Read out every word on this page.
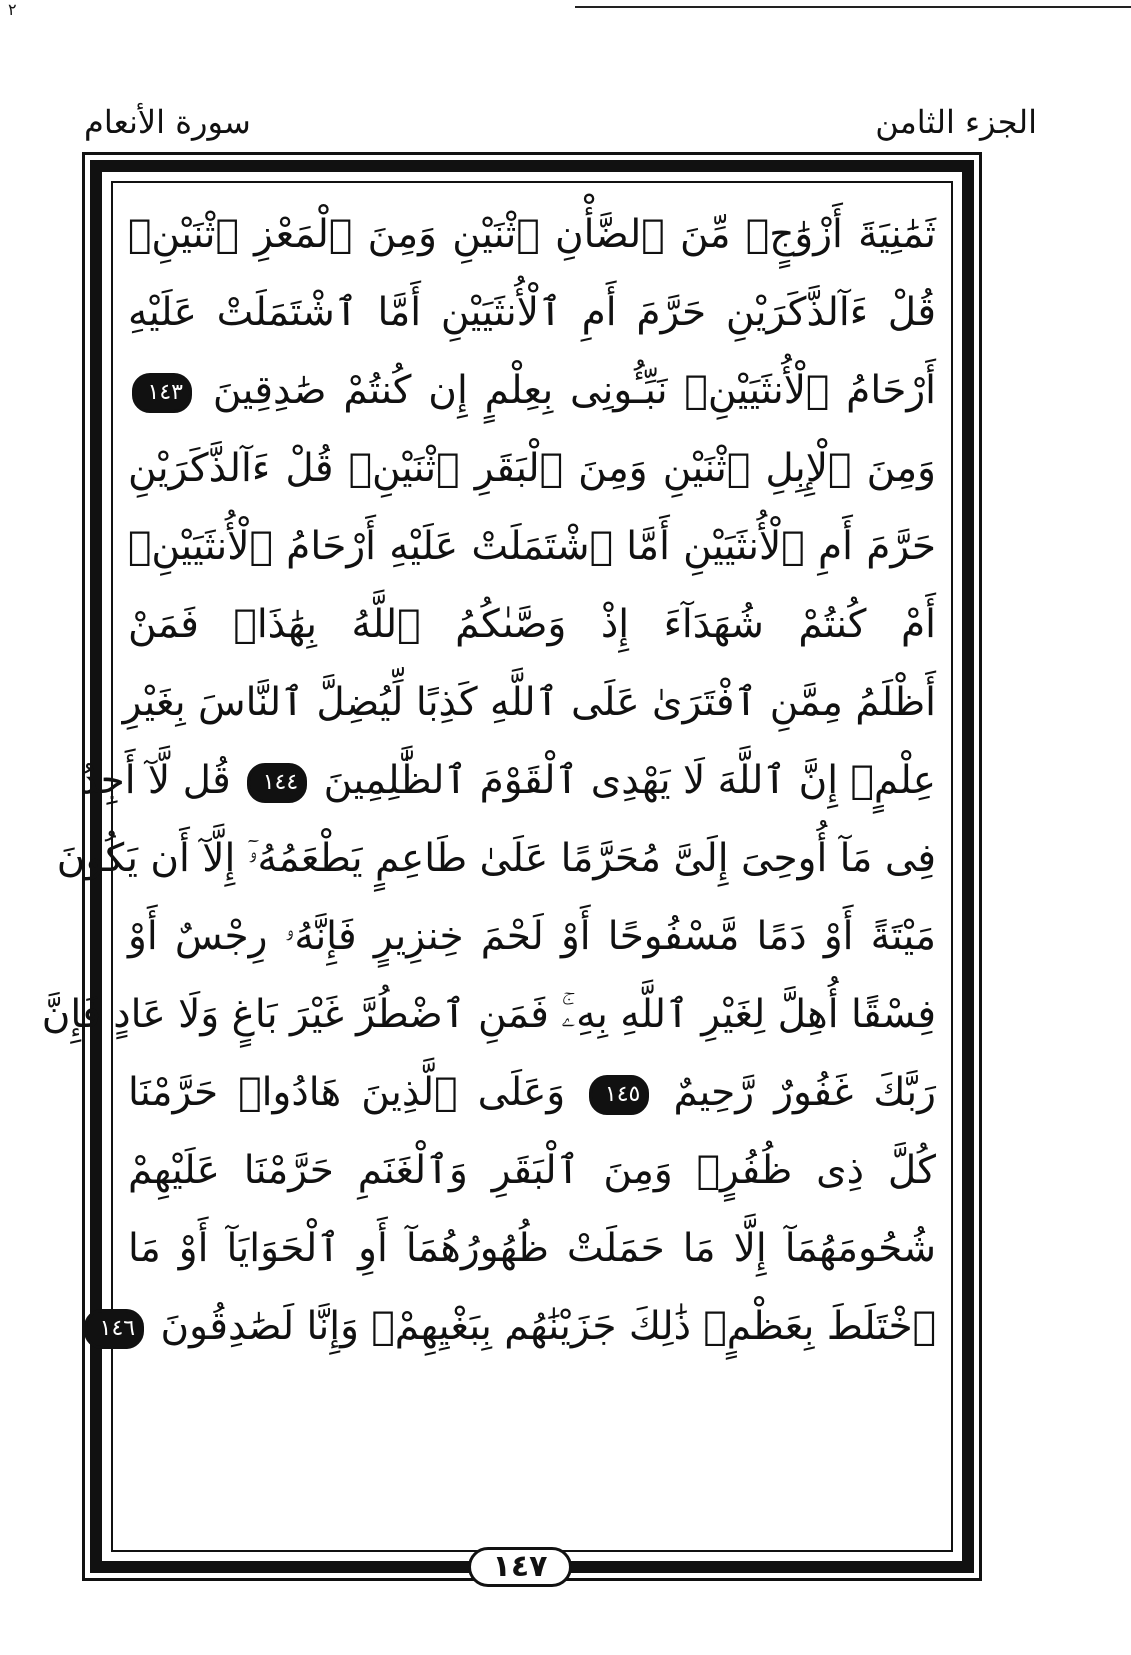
٢
الجزء الثامن
سورة الأنعام
ثَمَٰنِيَةَ أَزْوَٰجٍۖ مِّنَ ٱلضَّأْنِ ٱثْنَيْنِ وَمِنَ ٱلْمَعْزِ ٱثْنَيْنِۗ
قُلْ ءَآلذَّكَرَيْنِ حَرَّمَ أَمِ ٱلْأُنثَيَيْنِ أَمَّا ٱشْتَمَلَتْ عَلَيْهِ
أَرْحَامُ ٱلْأُنثَيَيْنِۖ نَبِّـُٔونِى بِعِلْمٍ إِن كُنتُمْ صَٰدِقِينَ ١٤٣
وَمِنَ ٱلْإِبِلِ ٱثْنَيْنِ وَمِنَ ٱلْبَقَرِ ٱثْنَيْنِۗ قُلْ ءَآلذَّكَرَيْنِ
حَرَّمَ أَمِ ٱلْأُنثَيَيْنِ أَمَّا ٱشْتَمَلَتْ عَلَيْهِ أَرْحَامُ ٱلْأُنثَيَيْنِۖ
أَمْ كُنتُمْ شُهَدَآءَ إِذْ وَصَّىٰكُمُ ٱللَّهُ بِهَٰذَاۚ فَمَنْ
أَظْلَمُ مِمَّنِ ٱفْتَرَىٰ عَلَى ٱللَّهِ كَذِبًا لِّيُضِلَّ ٱلنَّاسَ بِغَيْرِ
عِلْمٍۗ إِنَّ ٱللَّهَ لَا يَهْدِى ٱلْقَوْمَ ٱلظَّٰلِمِينَ ١٤٤ قُل لَّآ أَجِدُ
فِى مَآ أُوحِىَ إِلَىَّ مُحَرَّمًا عَلَىٰ طَاعِمٍ يَطْعَمُهُۥٓ إِلَّآ أَن يَكُونَ
مَيْتَةً أَوْ دَمًا مَّسْفُوحًا أَوْ لَحْمَ خِنزِيرٍ فَإِنَّهُۥ رِجْسٌ أَوْ
فِسْقًا أُهِلَّ لِغَيْرِ ٱللَّهِ بِهِۦۚ فَمَنِ ٱضْطُرَّ غَيْرَ بَاغٍ وَلَا عَادٍ فَإِنَّ
رَبَّكَ غَفُورٌ رَّحِيمٌ ١٤٥ وَعَلَى ٱلَّذِينَ هَادُوا۟ حَرَّمْنَا
كُلَّ ذِى ظُفُرٍۖ وَمِنَ ٱلْبَقَرِ وَٱلْغَنَمِ حَرَّمْنَا عَلَيْهِمْ
شُحُومَهُمَآ إِلَّا مَا حَمَلَتْ ظُهُورُهُمَآ أَوِ ٱلْحَوَايَآ أَوْ مَا
ٱخْتَلَطَ بِعَظْمٍۚ ذَٰلِكَ جَزَيْنَٰهُم بِبَغْيِهِمْۖ وَإِنَّا لَصَٰدِقُونَ ١٤٦
١٤٧
